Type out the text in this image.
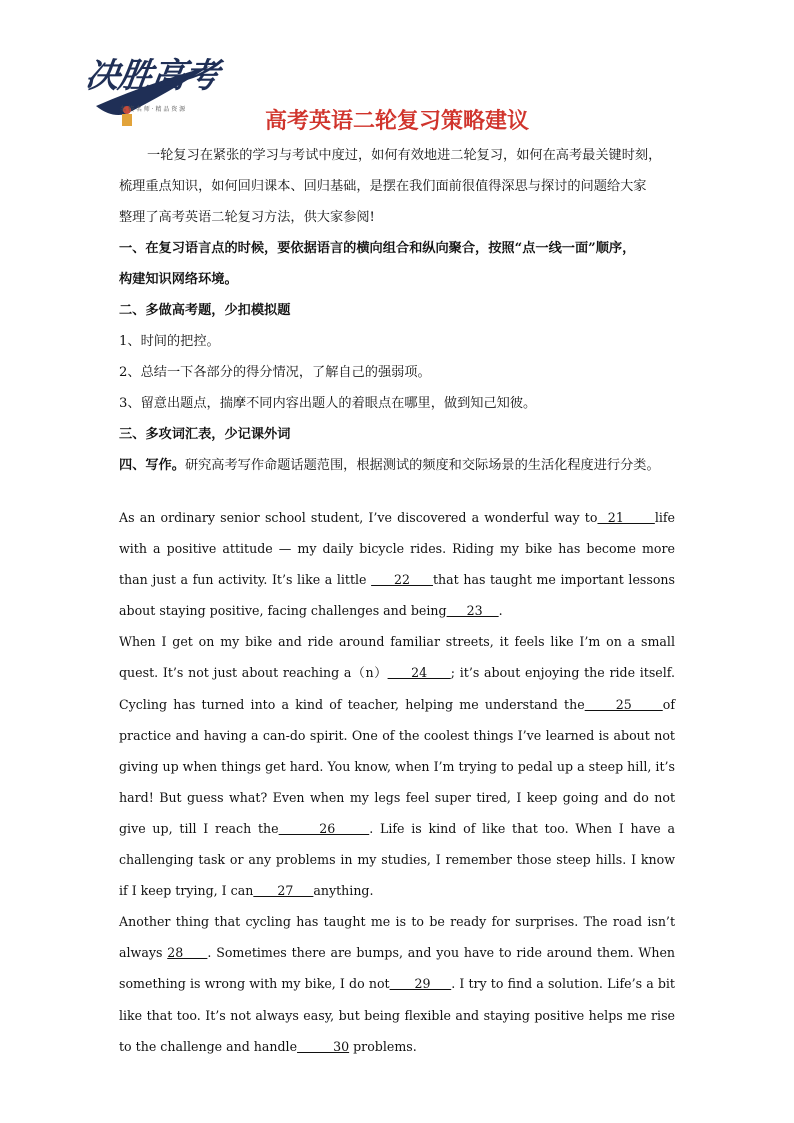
决胜高考
名 校 名 师 · 精 品 资 源	高考英语二轮复习策略建议
一轮复习在紧张的学习与考试中度过，如何有效地进二轮复习，如何在高考最关键时刻，
梳理重点知识，如何回归课本、回归基础，是摆在我们面前很值得深思与探讨的问题给大家
整理了高考英语二轮复习方法，供大家参阅!
一、在复习语言点的时候，要依据语言的横向组合和纵向聚合，按照“点一线一面”顺序，
构建知识网络环境。
二、多做高考题，少扣模拟题
1、时间的把控。
2、总结一下各部分的得分情况，了解自己的强弱项。
3、留意出题点，揣摩不同内容出题人的着眼点在哪里，做到知己知彼。
三、多攻词汇表，少记课外词
四、写作。研究高考写作命题话题范围，根据测试的频度和交际场景的生活化程度进行分类。

As an ordinary senior school student, I’ve discovered a wonderful way to  21      life with a positive attitude — my daily bicycle rides. Riding my bike has become more than just a fun activity. It’s like a little      22     that has taught me important lessons about staying positive, facing challenges and being     23    .

When I get on my bike and ride around familiar streets, it feels like I’m on a small quest. It’s not just about reaching a（n）     24     ; it’s about enjoying the ride itself. Cycling has turned into a kind of teacher, helping me understand the     25     of practice and having a can-do spirit. One of the coolest things I’ve learned is about not giving up when things get hard. You know, when I’m trying to pedal up a steep hill, it’s hard! But guess what? Even when my legs feel super tired, I keep going and do not give up, till I reach the      26     . Life is kind of like that too. When I have a challenging task or any problems in my studies, I remember those steep hills. I know if I keep trying, I can      27     anything.

Another thing that cycling has taught me is to be ready for surprises. The road isn’t always 28     . Sometimes there are bumps, and you have to ride around them. When something is wrong with my bike, I do not      29     . I try to find a solution. Life’s a bit like that too. It’s not always easy, but being flexible and staying positive helps me rise to the challenge and handle         30 problems.
